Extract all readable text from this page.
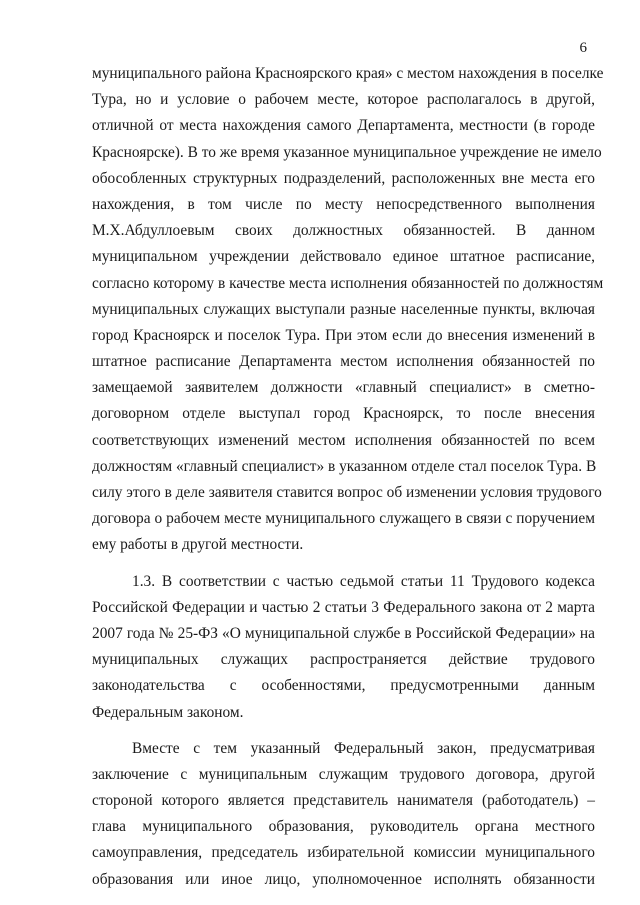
6
муниципального района Красноярского края» с местом нахождения в поселке
Тура, но и условие о рабочем месте, которое располагалось в другой,
отличной от места нахождения самого Департамента, местности (в городе
Красноярске). В то же время указанное муниципальное учреждение не имело
обособленных структурных подразделений, расположенных вне места его
нахождения, в том числе по месту непосредственного выполнения
М.Х.Абдуллоевым своих должностных обязанностей. В данном
муниципальном учреждении действовало единое штатное расписание,
согласно которому в качестве места исполнения обязанностей по должностям
муниципальных служащих выступали разные населенные пункты, включая
город Красноярск и поселок Тура. При этом если до внесения изменений в
штатное расписание Департамента местом исполнения обязанностей по
замещаемой заявителем должности «главный специалист» в сметно-
договорном отделе выступал город Красноярск, то после внесения
соответствующих изменений местом исполнения обязанностей по всем
должностям «главный специалист» в указанном отделе стал поселок Тура. В
силу этого в деле заявителя ставится вопрос об изменении условия трудового
договора о рабочем месте муниципального служащего в связи с поручением
ему работы в другой местности.
1.3. В соответствии с частью седьмой статьи 11 Трудового кодекса
Российской Федерации и частью 2 статьи 3 Федерального закона от 2 марта
2007 года № 25-ФЗ «О муниципальной службе в Российской Федерации» на
муниципальных служащих распространяется действие трудового
законодательства с особенностями, предусмотренными данным
Федеральным законом.
Вместе с тем указанный Федеральный закон, предусматривая
заключение с муниципальным служащим трудового договора, другой
стороной которого является представитель нанимателя (работодатель) –
глава муниципального образования, руководитель органа местного
самоуправления, председатель избирательной комиссии муниципального
образования или иное лицо, уполномоченное исполнять обязанности
